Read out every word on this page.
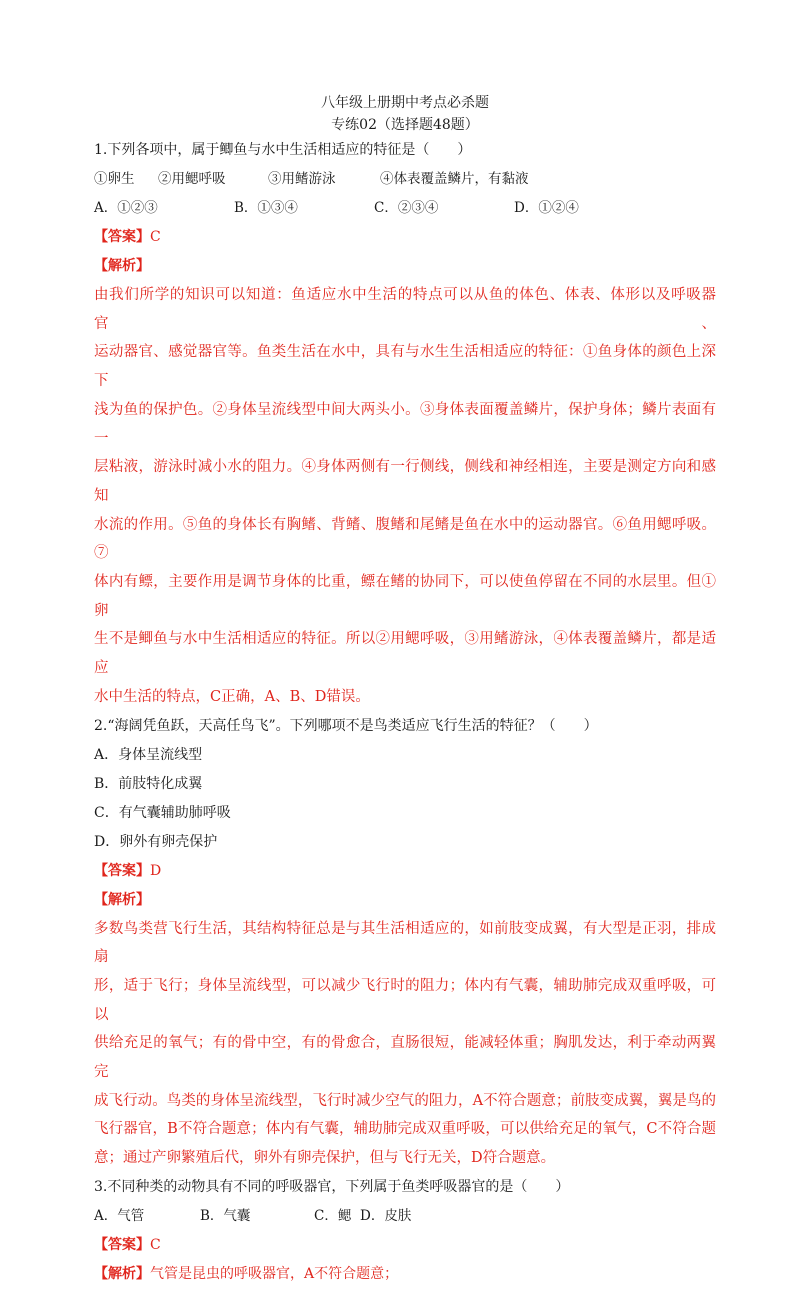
八年级上册期中考点必杀题

专练02（选择题48题）

1.下列各项中，属于鲫鱼与水中生活相适应的特征是（　　）

①卵生	②用鳃呼吸	③用鳍游泳	④体表覆盖鳞片，有黏液
A．①②③	B．①③④	C．②③④	D．①②④

【答案】C

【解析】

由我们所学的知识可以知道：鱼适应水中生活的特点可以从鱼的体色、体表、体形以及呼吸器官、

运动器官、感觉器官等。鱼类生活在水中，具有与水生生活相适应的特征：①鱼身体的颜色上深下

浅为鱼的保护色。②身体呈流线型中间大两头小。③身体表面覆盖鳞片，保护身体；鳞片表面有一

层粘液，游泳时减小水的阻力。④身体两侧有一行侧线，侧线和神经相连，主要是测定方向和感知

水流的作用。⑤鱼的身体长有胸鳍、背鳍、腹鳍和尾鳍是鱼在水中的运动器官。⑥鱼用鳃呼吸。⑦

体内有鳔，主要作用是调节身体的比重，鳔在鳍的协同下，可以使鱼停留在不同的水层里。但①卵

生不是鲫鱼与水中生活相适应的特征。所以②用鳃呼吸，③用鳍游泳，④体表覆盖鳞片，都是适应

水中生活的特点，C正确，A、B、D错误。

2.“海阔凭鱼跃，天高任鸟飞”。下列哪项不是鸟类适应飞行生活的特征？（　　）

A．身体呈流线型

B．前肢特化成翼

C．有气囊辅助肺呼吸

D．卵外有卵壳保护

【答案】D

【解析】

多数鸟类营飞行生活，其结构特征总是与其生活相适应的，如前肢变成翼，有大型是正羽，排成扇

形，适于飞行；身体呈流线型，可以减少飞行时的阻力；体内有气囊，辅助肺完成双重呼吸，可以

供给充足的氧气；有的骨中空，有的骨愈合，直肠很短，能减轻体重；胸肌发达，利于牵动两翼完

成飞行动。鸟类的身体呈流线型，飞行时减少空气的阻力，A不符合题意；前肢变成翼，翼是鸟的

飞行器官，B不符合题意；体内有气囊，辅助肺完成双重呼吸，可以供给充足的氧气，C不符合题

意；通过产卵繁殖后代，卵外有卵壳保护，但与飞行无关，D符合题意。

3.不同种类的动物具有不同的呼吸器官，下列属于鱼类呼吸器官的是（　　）

A．气管	B．气囊	C．鳃 D．皮肤

【答案】C

【解析】气管是昆虫的呼吸器官，A不符合题意；
